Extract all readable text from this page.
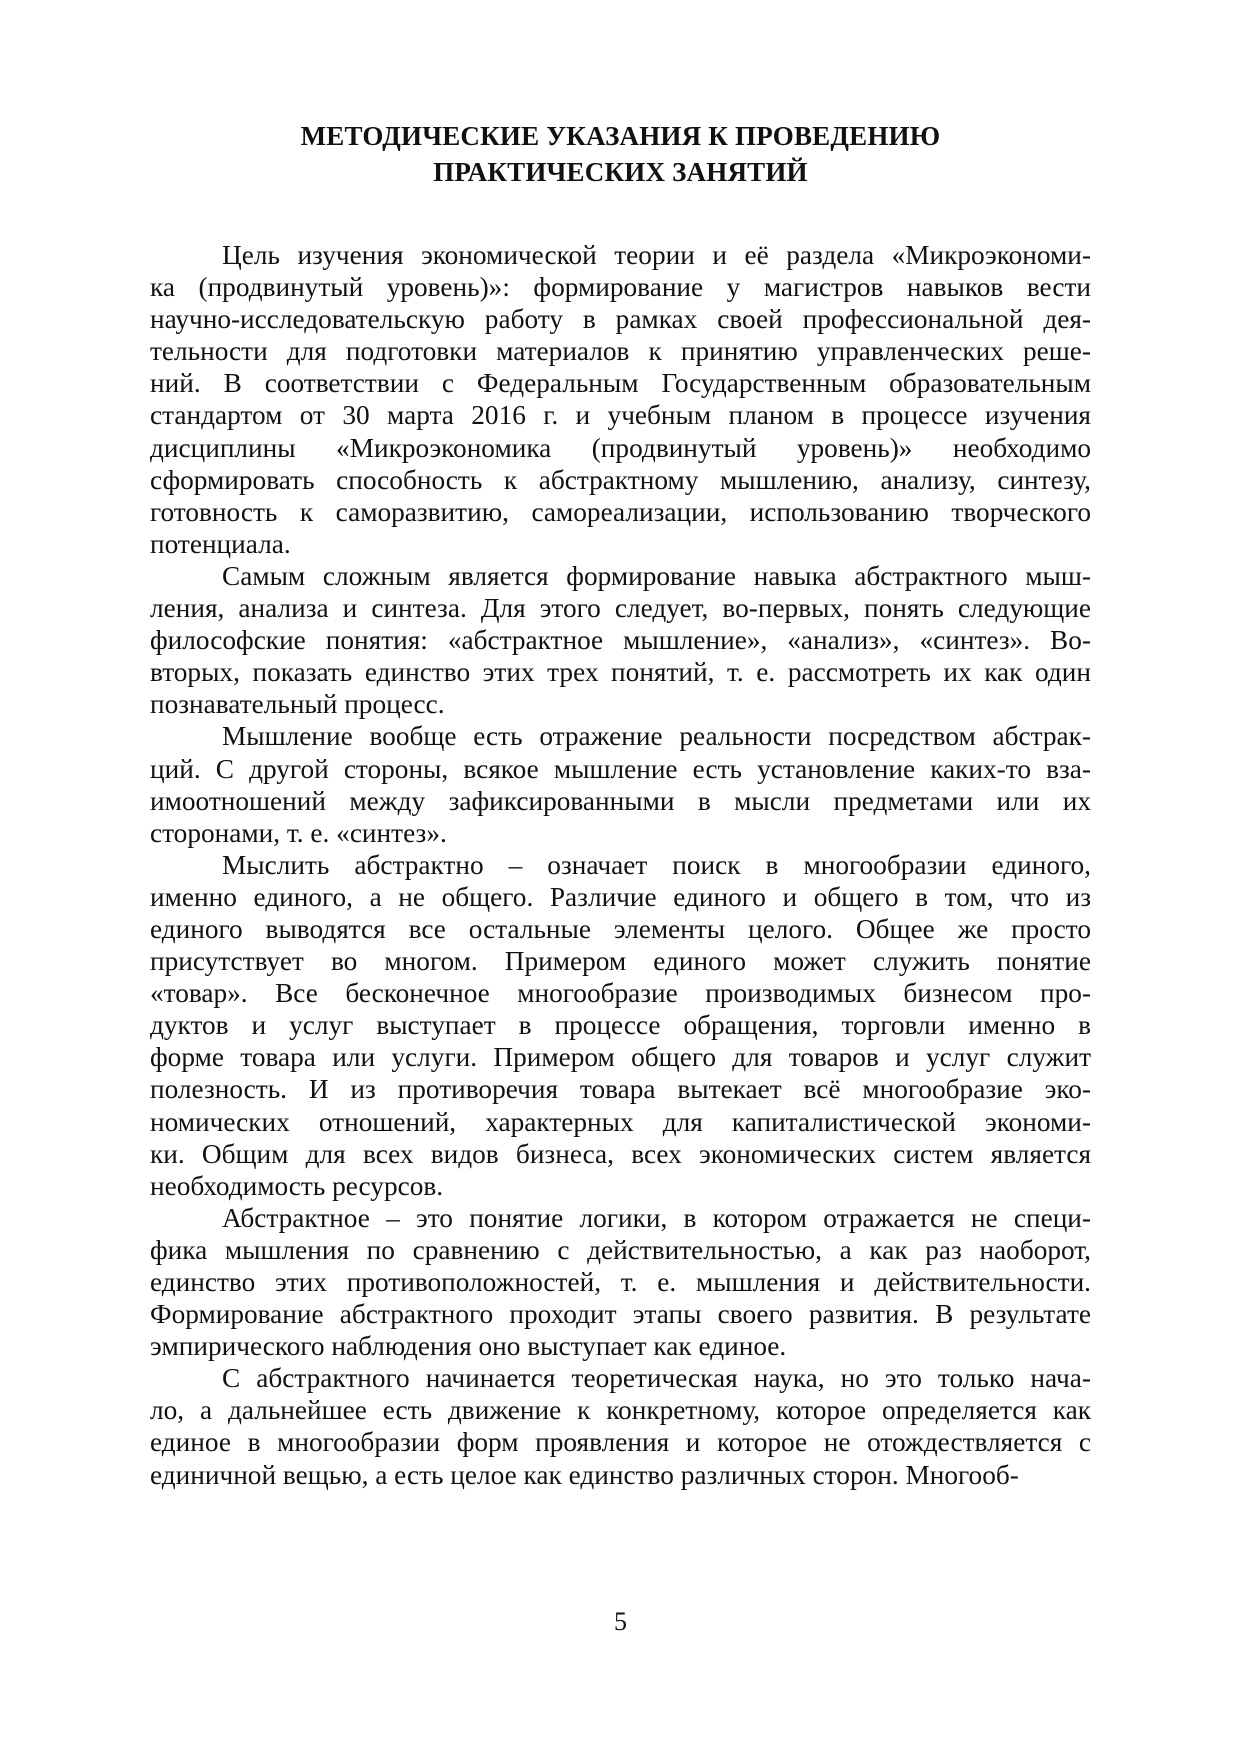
МЕТОДИЧЕСКИЕ УКАЗАНИЯ К ПРОВЕДЕНИЮ
ПРАКТИЧЕСКИХ ЗАНЯТИЙ
Цель изучения экономической теории и её раздела «Микроэкономи-
ка (продвинутый уровень)»: формирование у магистров навыков вести
научно-исследовательскую работу в рамках своей профессиональной дея-
тельности для подготовки материалов к принятию управленческих реше-
ний. В соответствии с Федеральным Государственным образовательным
стандартом от 30 марта 2016 г. и учебным планом в процессе изучения
дисциплины «Микроэкономика (продвинутый уровень)» необходимо
сформировать способность к абстрактному мышлению, анализу, синтезу,
готовность к саморазвитию, самореализации, использованию творческого
потенциала.
Самым сложным является формирование навыка абстрактного мыш-
ления, анализа и синтеза. Для этого следует, во-первых, понять следующие
философские понятия: «абстрактное мышление», «анализ», «синтез». Во-
вторых, показать единство этих трех понятий, т. е. рассмотреть их как один
познавательный процесс.
Мышление вообще есть отражение реальности посредством абстрак-
ций. С другой стороны, всякое мышление есть установление каких-то вза-
имоотношений между зафиксированными в мысли предметами или их
сторонами, т. е. «синтез».
Мыслить абстрактно – означает поиск в многообразии единого,
именно единого, а не общего. Различие единого и общего в том, что из
единого выводятся все остальные элементы целого. Общее же просто
присутствует во многом. Примером единого может служить понятие
«товар». Все бесконечное многообразие производимых бизнесом про-
дуктов и услуг выступает в процессе обращения, торговли именно в
форме товара или услуги. Примером общего для товаров и услуг служит
полезность. И из противоречия товара вытекает всё многообразие эко-
номических отношений, характерных для капиталистической экономи-
ки. Общим для всех видов бизнеса, всех экономических систем является
необходимость ресурсов.
Абстрактное – это понятие логики, в котором отражается не специ-
фика мышления по сравнению с действительностью, а как раз наоборот,
единство этих противоположностей, т. е. мышления и действительности.
Формирование абстрактного проходит этапы своего развития. В результате
эмпирического наблюдения оно выступает как единое.
С абстрактного начинается теоретическая наука, но это только нача-
ло, а дальнейшее есть движение к конкретному, которое определяется как
единое в многообразии форм проявления и которое не отождествляется с
единичной вещью, а есть целое как единство различных сторон. Многооб-
5
